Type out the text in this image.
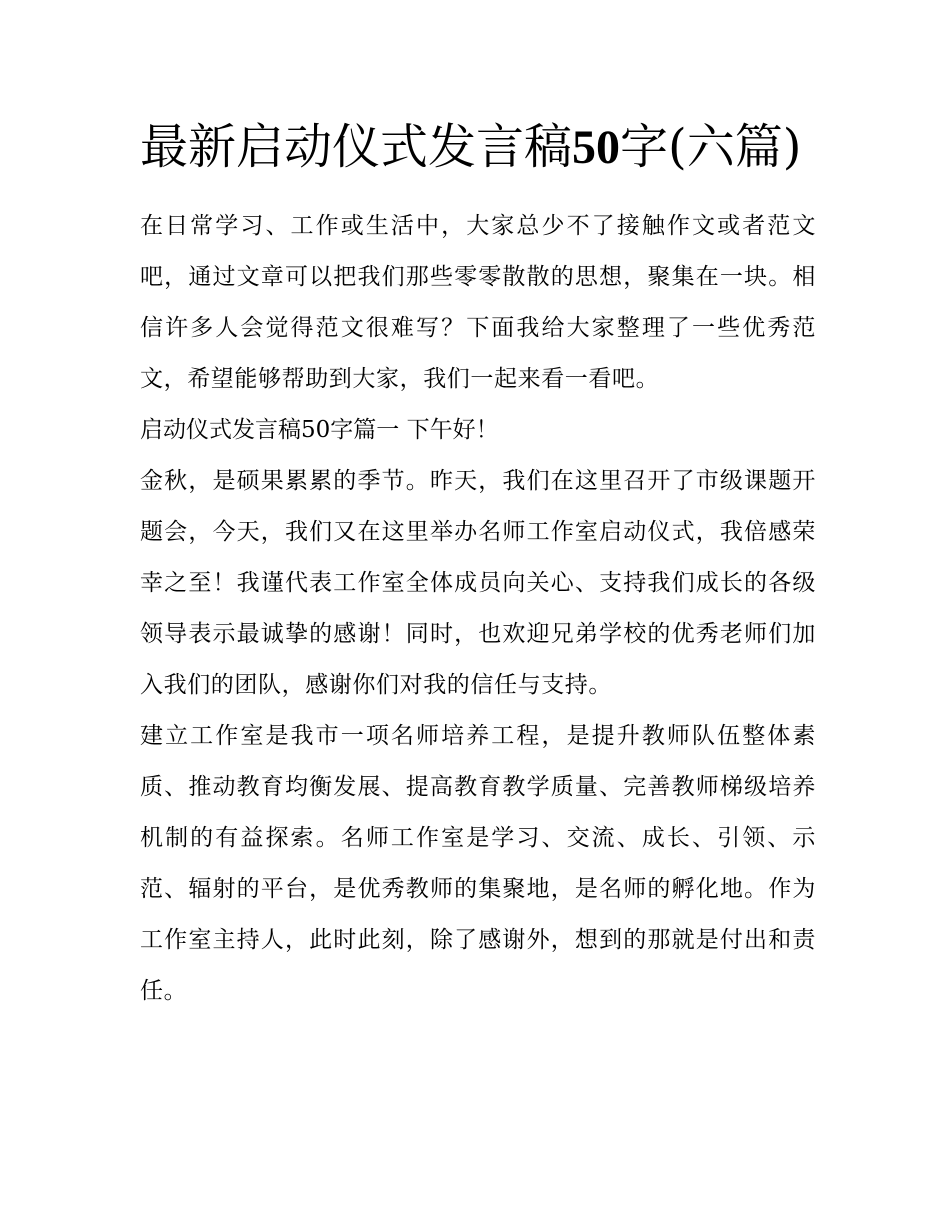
最新启动仪式发言稿50字(六篇)

在日常学习、工作或生活中，大家总少不了接触作文或者范文吧，通过文章可以把我们那些零零散散的思想，聚集在一块。相信许多人会觉得范文很难写？下面我给大家整理了一些优秀范文，希望能够帮助到大家，我们一起来看一看吧。

启动仪式发言稿50字篇一 下午好！

金秋，是硕果累累的季节。昨天，我们在这里召开了市级课题开题会，今天，我们又在这里举办名师工作室启动仪式，我倍感荣幸之至！我谨代表工作室全体成员向关心、支持我们成长的各级领导表示最诚挚的感谢！同时，也欢迎兄弟学校的优秀老师们加入我们的团队，感谢你们对我的信任与支持。

建立工作室是我市一项名师培养工程，是提升教师队伍整体素质、推动教育均衡发展、提高教育教学质量、完善教师梯级培养机制的有益探索。名师工作室是学习、交流、成长、引领、示范、辐射的平台，是优秀教师的集聚地，是名师的孵化地。作为工作室主持人，此时此刻，除了感谢外，想到的那就是付出和责任。
